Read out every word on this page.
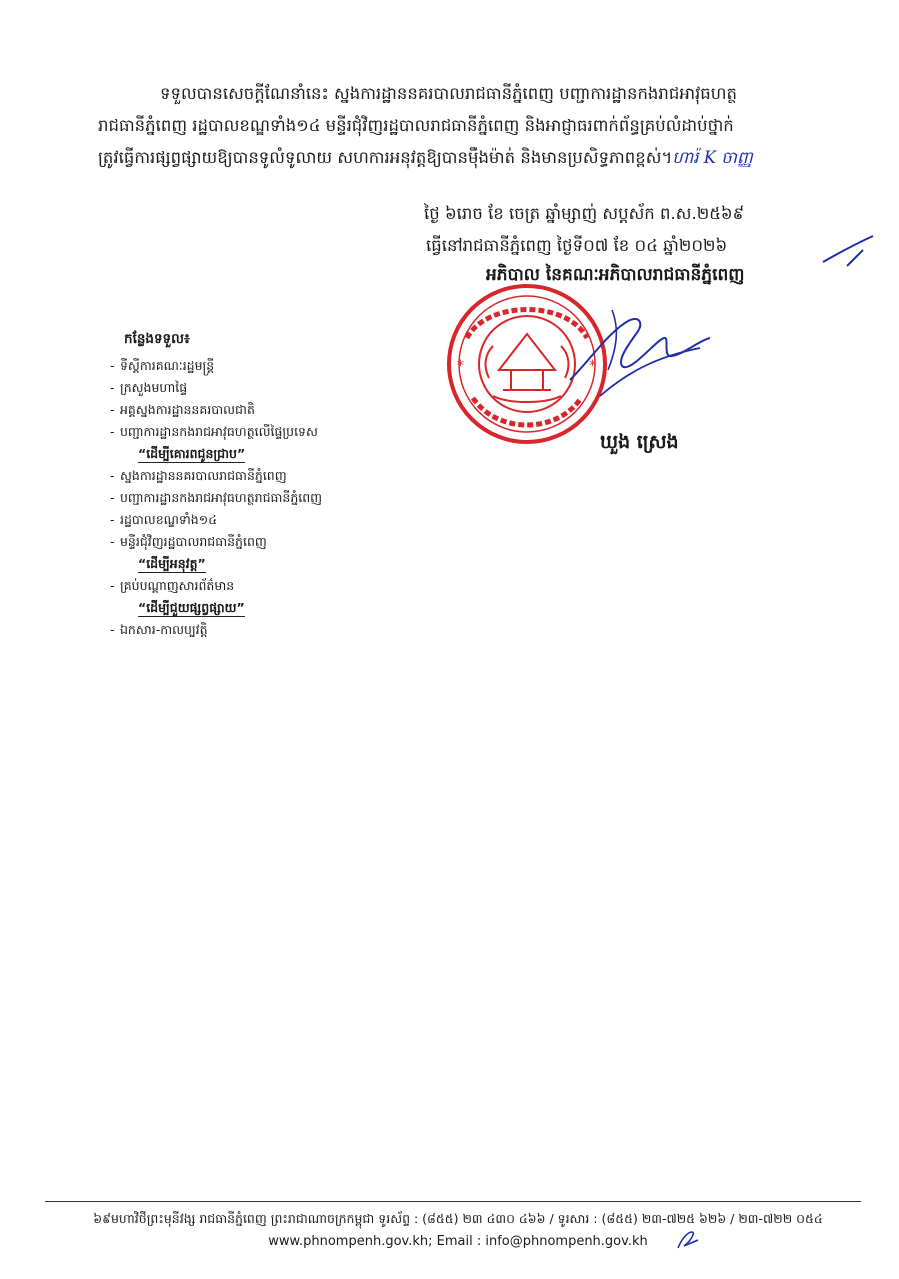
ទទួលបានសេចក្តីណែនាំនេះ ស្នងការដ្ឋាននគរបាលរាជធានីភ្នំពេញ បញ្ជាការដ្ឋានកងរាជអាវុធហត្ថ
រាជធានីភ្នំពេញ រដ្ឋបាលខណ្ឌទាំង១៤ មន្ទីរជុំវិញរដ្ឋបាលរាជធានីភ្នំពេញ និងអាជ្ញាធរពាក់ព័ន្ធគ្រប់លំដាប់ថ្នាក់
ត្រូវធ្វើការផ្សព្វផ្សាយឱ្យបានទូលំទូលាយ សហការអនុវត្តឱ្យបានម៉ឺងម៉ាត់ និងមានប្រសិទ្ធភាពខ្ពស់។ហារ៉ K ចាញ្ញ
ថ្ងៃ ៦រោច ខែ ចេត្រ ឆ្នាំម្សាញ់ សប្តស័ក ព.ស.២៥៦៩
ធ្វើនៅរាជធានីភ្នំពេញ ថ្ងៃទី០៧ ខែ ០៤ ឆ្នាំ២០២៦
អភិបាល នៃគណៈអភិបាលរាជធានីភ្នំពេញ
*	*
ឃួង ស្រេង
កន្លែងទទួល៖
- ទីស្តីការគណៈរដ្ឋមន្ត្រី
- ក្រសួងមហាផ្ទៃ
- អគ្គស្នងការដ្ឋាននគរបាលជាតិ
- បញ្ជាការដ្ឋានកងរាជអាវុធហត្ថលើផ្ទៃប្រទេស
“ដើម្បីគោរពជូនជ្រាប”
- ស្នងការដ្ឋាននគរបាលរាជធានីភ្នំពេញ
- បញ្ជាការដ្ឋានកងរាជអាវុធហត្ថរាជធានីភ្នំពេញ
- រដ្ឋបាលខណ្ឌទាំង១៤
- មន្ទីរជុំវិញរដ្ឋបាលរាជធានីភ្នំពេញ
“ដើម្បីអនុវត្ត”
- គ្រប់បណ្តាញសារព័ត៌មាន
“ដើម្បីជួយផ្សព្វផ្សាយ”
- ឯកសារ-កាលប្បវត្តិ
៦៩មហាវិថីព្រះមុនីវង្ស រាជធានីភ្នំពេញ ព្រះរាជាណាចក្រកម្ពុជា ទូរស័ព្ទ : (៨៥៥) ២៣ ៤៣០ ៤៦៦ / ទូរសារ : (៨៥៥) ២៣-៧២៥ ៦២៦ / ២៣-៧២២ ០៥៤
www.phnompenh.gov.kh; Email : info@phnompenh.gov.kh
